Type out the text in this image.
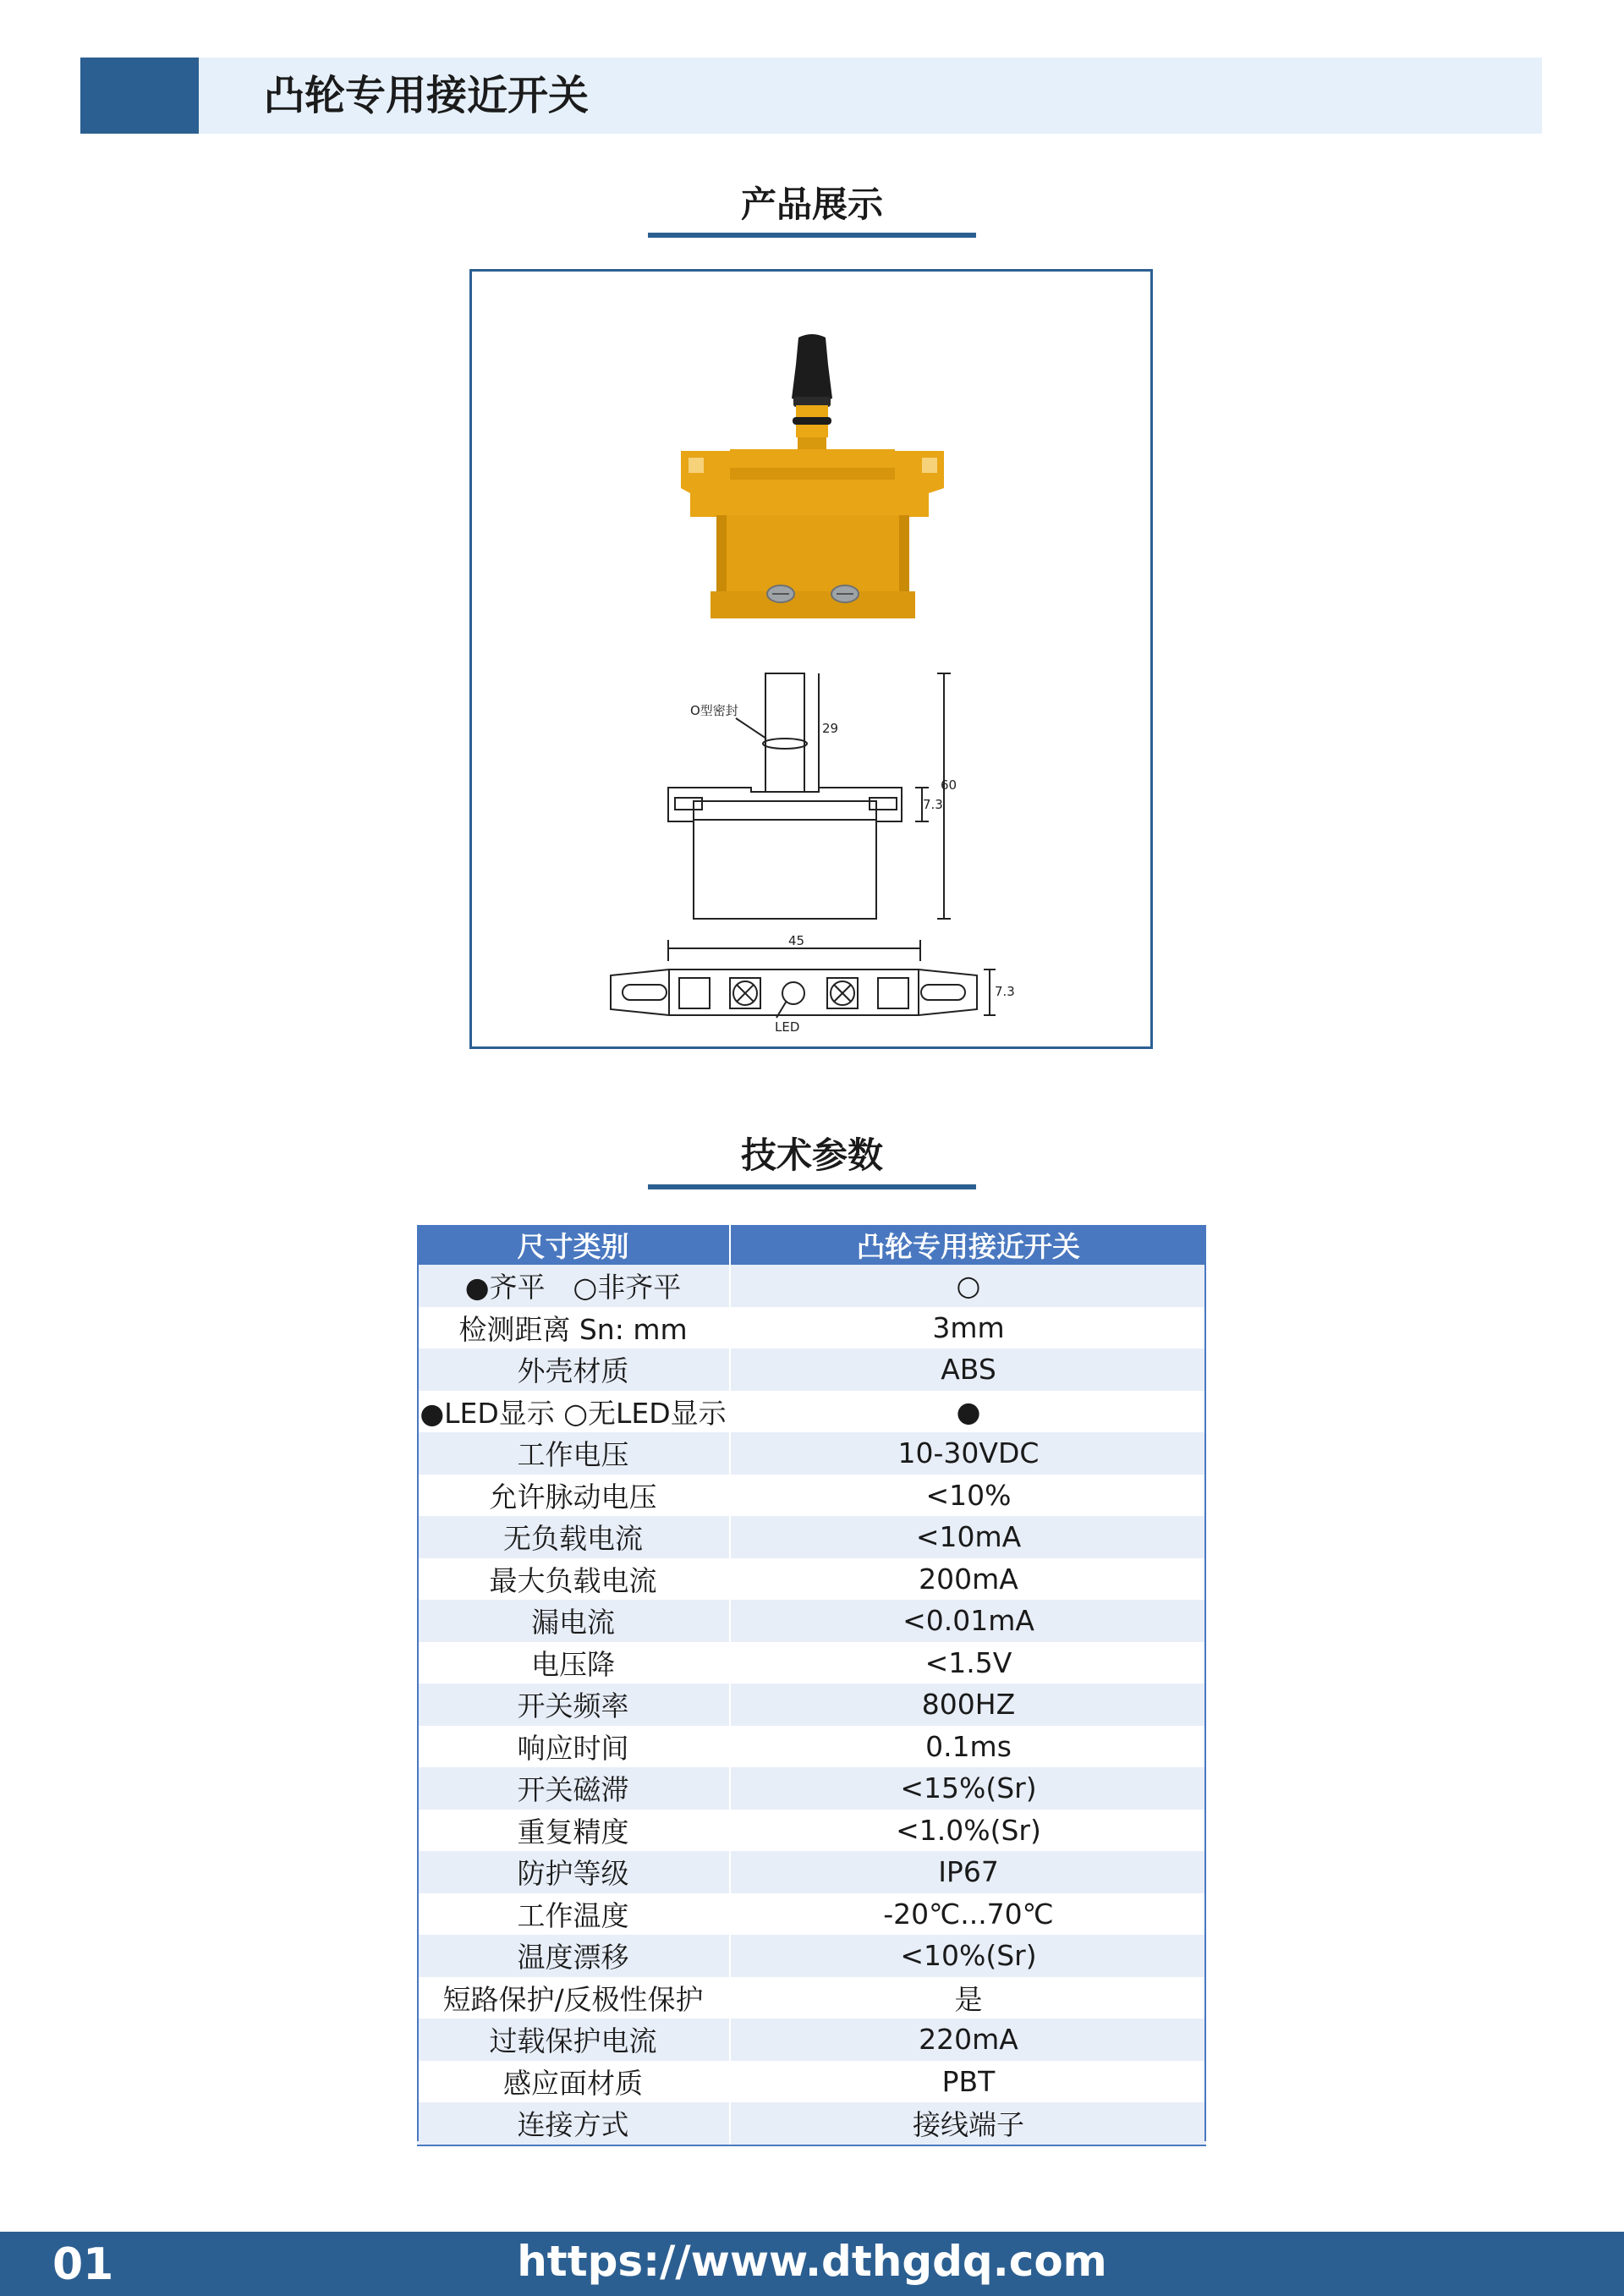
凸轮专用接近开关
产品展示
O型密封
29
60
7.3
45
7.3
LED
技术参数
尺寸类别	凸轮专用接近开关
●齐平　○非齐平	○
检测距离 Sn: mm	3mm
外壳材质	ABS
●LED显示 ○无LED显示	●
工作电压	10-30VDC
允许脉动电压	<10%
无负载电流	<10mA
最大负载电流	200mA
漏电流	<0.01mA
电压降	<1.5V
开关频率	800HZ
响应时间	0.1ms
开关磁滞	<15%(Sr)
重复精度	<1.0%(Sr)
防护等级	IP67
工作温度	-20℃...70℃
温度漂移	<10%(Sr)
短路保护/反极性保护	是
过载保护电流	220mA
感应面材质	PBT
连接方式	接线端子
01	https://www.dthgdq.com
